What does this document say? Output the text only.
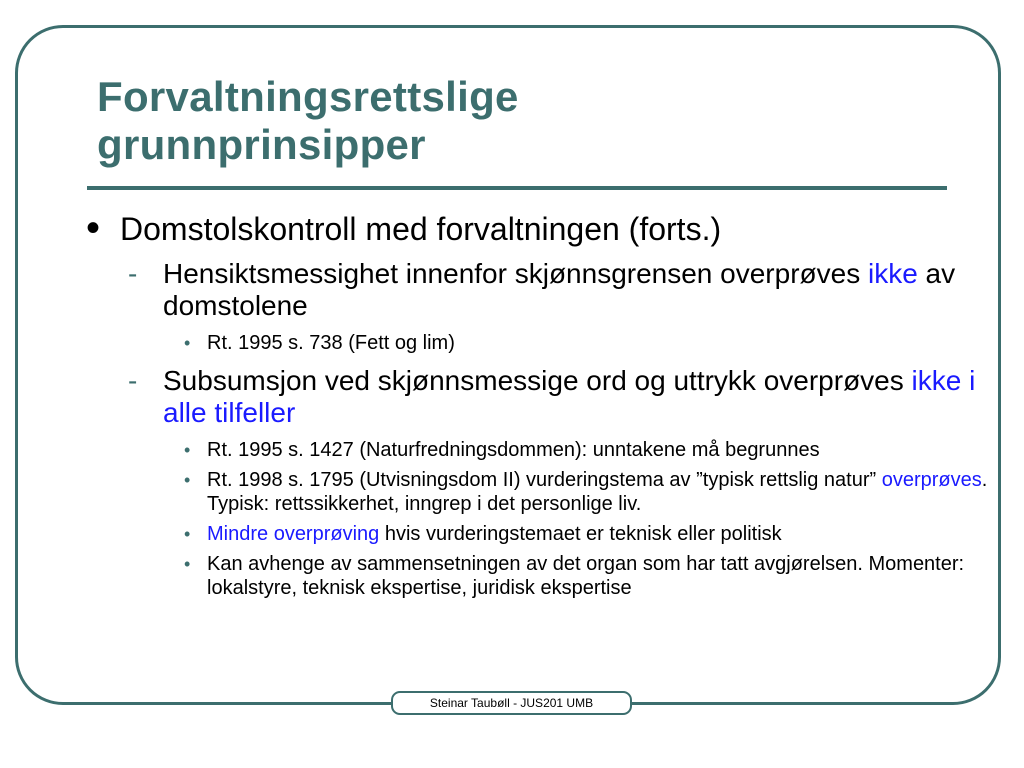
Forvaltningsrettslige
grunnprinsipper
• Domstolskontroll med forvaltningen (forts.)
- Hensiktsmessighet innenfor skjønnsgrensen overprøves ikke av domstolene
• Rt. 1995 s. 738 (Fett og lim)
- Subsumsjon ved skjønnsmessige ord og uttrykk overprøves ikke i alle tilfeller
• Rt. 1995 s. 1427 (Naturfredningsdommen): unntakene må begrunnes
• Rt. 1998 s. 1795 (Utvisningsdom II) vurderingstema av ”typisk rettslig natur” overprøves. Typisk: rettssikkerhet, inngrep i det personlige liv.
• Mindre overprøving hvis vurderingstemaet er teknisk eller politisk
• Kan avhenge av sammensetningen av det organ som har tatt avgjørelsen. Momenter: lokalstyre, teknisk ekspertise, juridisk ekspertise
Steinar Taubøll - JUS201 UMB
